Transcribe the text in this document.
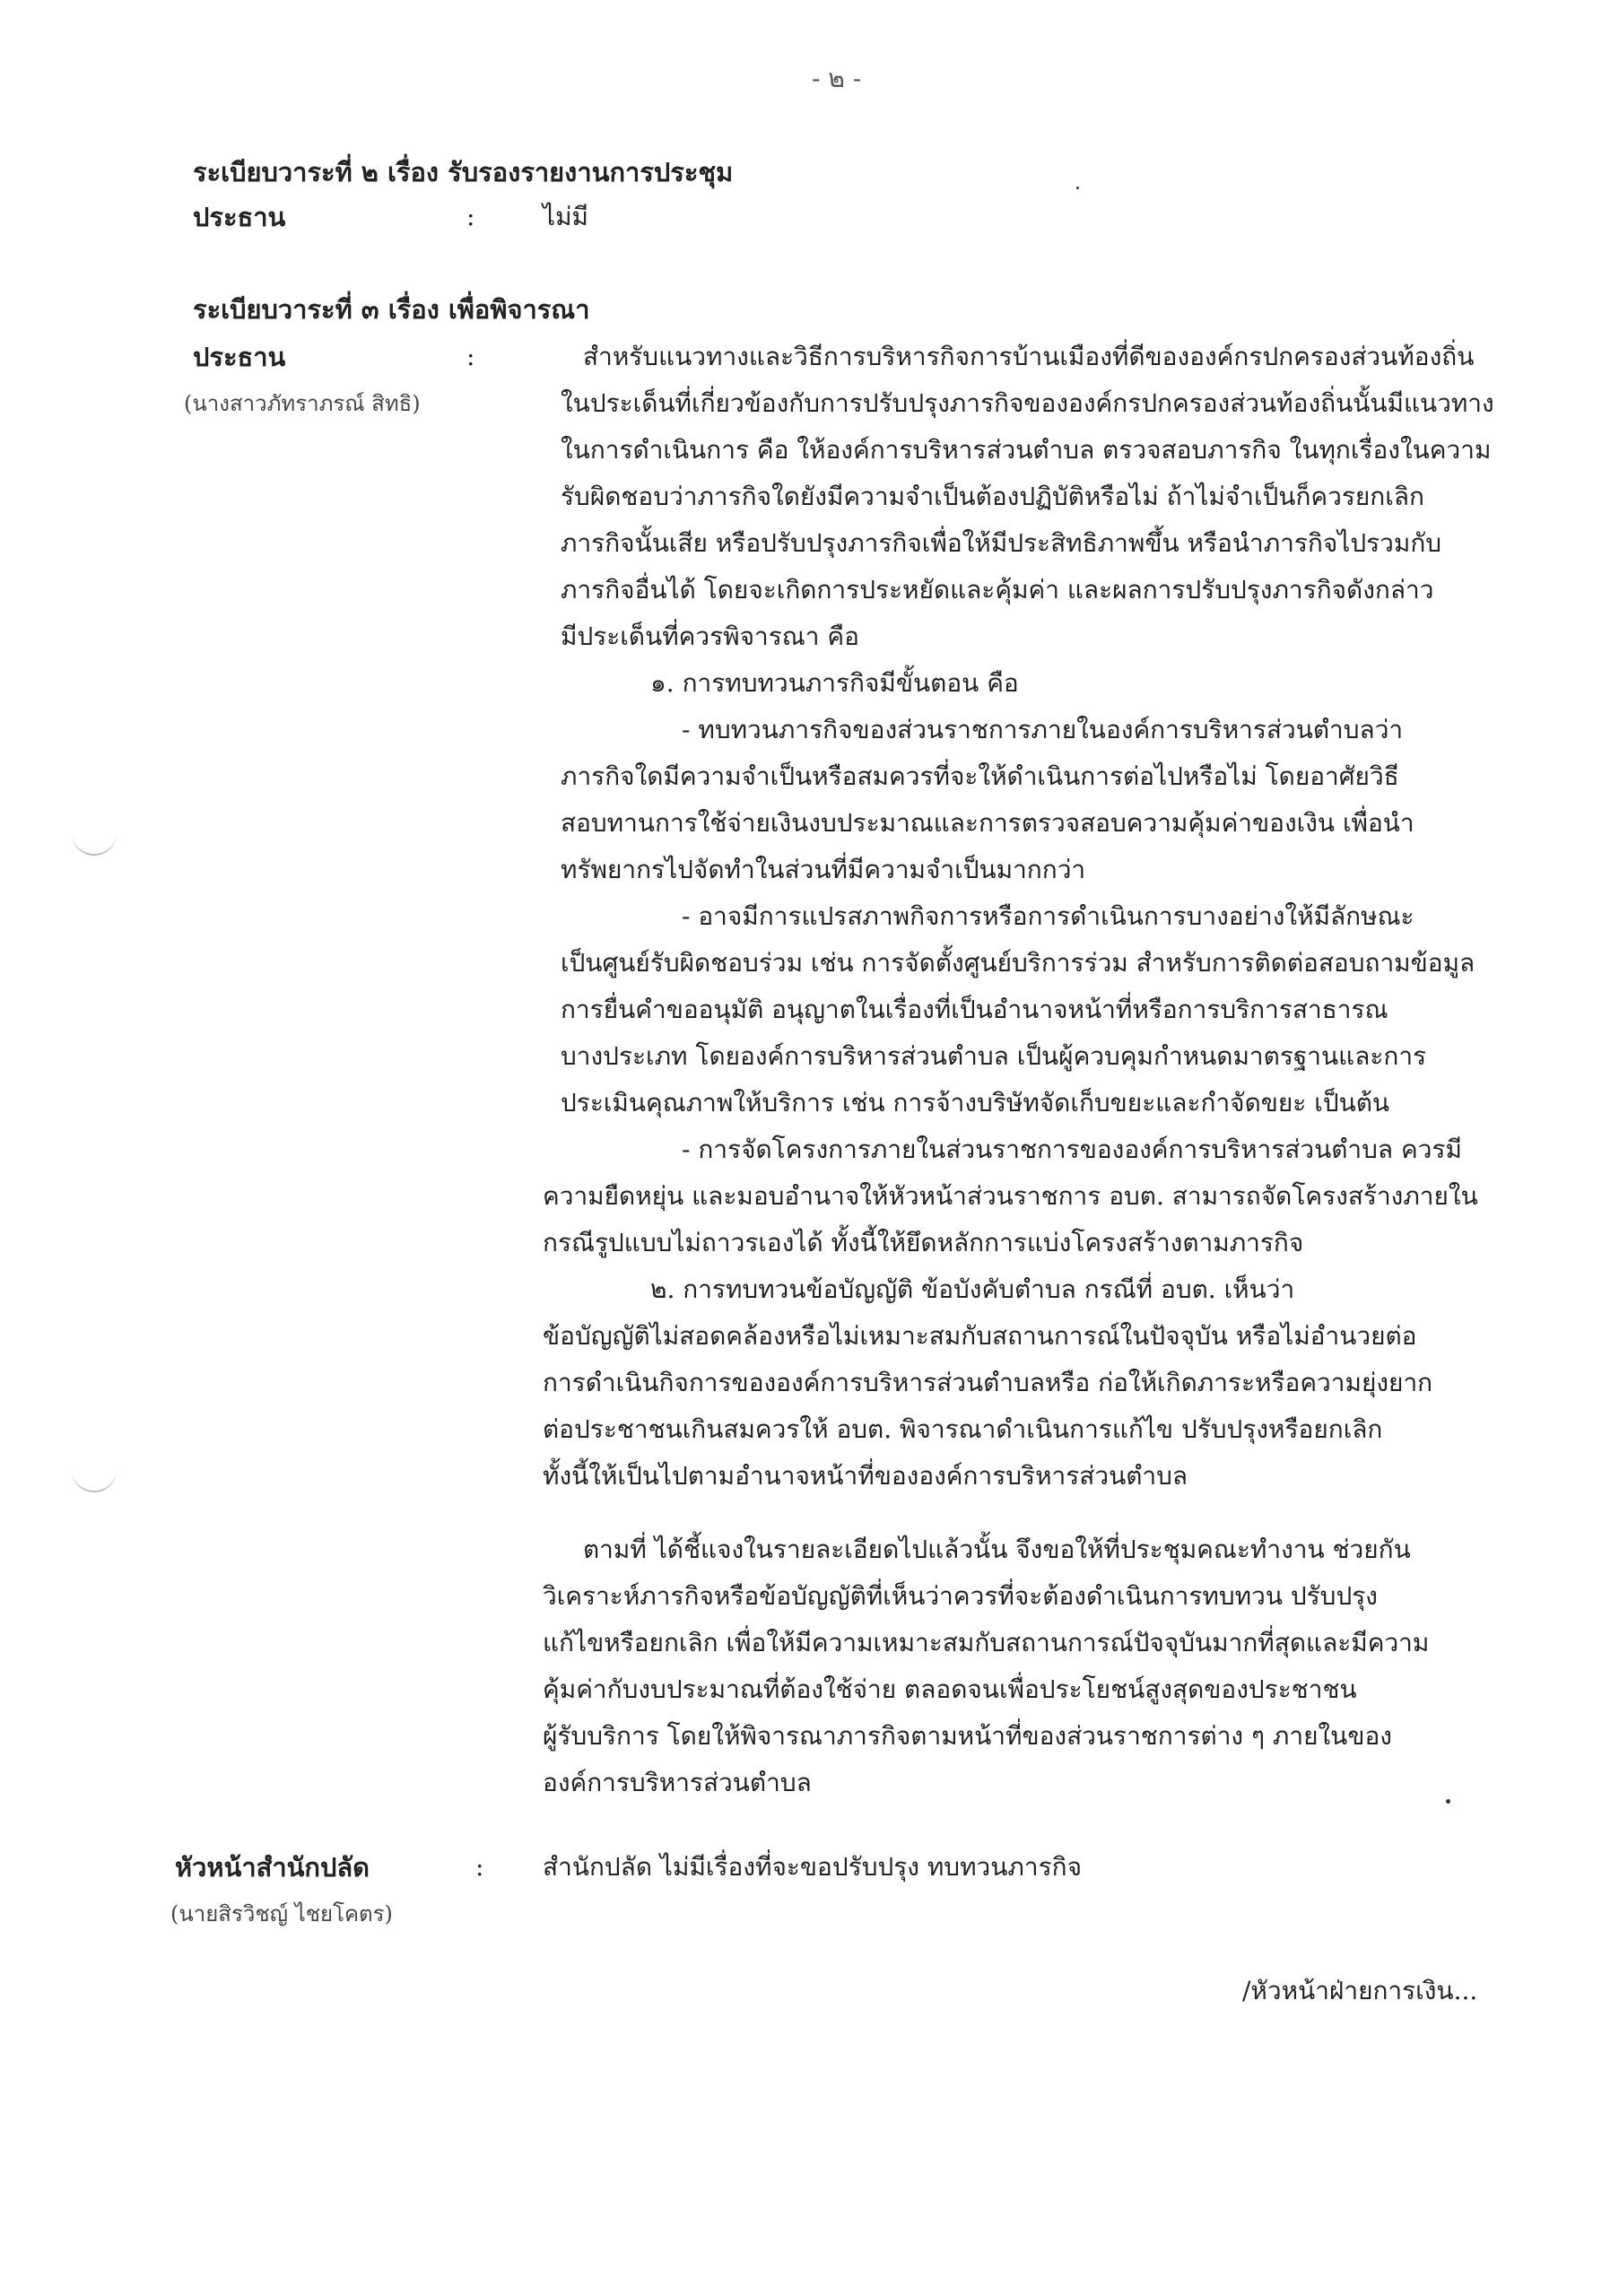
- ๒ -
ระเบียบวาระที่ ๒ เรื่อง รับรองรายงานการประชุม
ประธาน	:	ไม่มี
ระเบียบวาระที่ ๓ เรื่อง เพื่อพิจารณา
ประธาน
(นางสาวภัทราภรณ์ สิทธิ)
:	สำหรับแนวทางและวิธีการบริหารกิจการบ้านเมืองที่ดีขององค์กรปกครองส่วนท้องถิ่น
ในประเด็นที่เกี่ยวข้องกับการปรับปรุงภารกิจขององค์กรปกครองส่วนท้องถิ่นนั้นมีแนวทาง
ในการดำเนินการ คือ ให้องค์การบริหารส่วนตำบล ตรวจสอบภารกิจ ในทุกเรื่องในความ
รับผิดชอบว่าภารกิจใดยังมีความจำเป็นต้องปฏิบัติหรือไม่ ถ้าไม่จำเป็นก็ควรยกเลิก
ภารกิจนั้นเสีย หรือปรับปรุงภารกิจเพื่อให้มีประสิทธิภาพขึ้น หรือนำภารกิจไปรวมกับ
ภารกิจอื่นได้ โดยจะเกิดการประหยัดและคุ้มค่า และผลการปรับปรุงภารกิจดังกล่าว
มีประเด็นที่ควรพิจารณา คือ
๑. การทบทวนภารกิจมีขั้นตอน คือ
- ทบทวนภารกิจของส่วนราชการภายในองค์การบริหารส่วนตำบลว่า
ภารกิจใดมีความจำเป็นหรือสมควรที่จะให้ดำเนินการต่อไปหรือไม่ โดยอาศัยวิธี
สอบทานการใช้จ่ายเงินงบประมาณและการตรวจสอบความคุ้มค่าของเงิน เพื่อนำ
ทรัพยากรไปจัดทำในส่วนที่มีความจำเป็นมากกว่า
- อาจมีการแปรสภาพกิจการหรือการดำเนินการบางอย่างให้มีลักษณะ
เป็นศูนย์รับผิดชอบร่วม เช่น การจัดตั้งศูนย์บริการร่วม สำหรับการติดต่อสอบถามข้อมูล
การยื่นคำขออนุมัติ อนุญาตในเรื่องที่เป็นอำนาจหน้าที่หรือการบริการสาธารณ
บางประเภท โดยองค์การบริหารส่วนตำบล เป็นผู้ควบคุมกำหนดมาตรฐานและการ
ประเมินคุณภาพให้บริการ เช่น การจ้างบริษัทจัดเก็บขยะและกำจัดขยะ เป็นต้น
- การจัดโครงการภายในส่วนราชการขององค์การบริหารส่วนตำบล ควรมี
ความยืดหยุ่น และมอบอำนาจให้หัวหน้าส่วนราชการ อบต. สามารถจัดโครงสร้างภายใน
กรณีรูปแบบไม่ถาวรเองได้ ทั้งนี้ให้ยึดหลักการแบ่งโครงสร้างตามภารกิจ
๒. การทบทวนข้อบัญญัติ ข้อบังคับตำบล กรณีที่ อบต. เห็นว่า
ข้อบัญญัติไม่สอดคล้องหรือไม่เหมาะสมกับสถานการณ์ในปัจจุบัน หรือไม่อำนวยต่อ
การดำเนินกิจการขององค์การบริหารส่วนตำบลหรือ ก่อให้เกิดภาระหรือความยุ่งยาก
ต่อประชาชนเกินสมควรให้ อบต. พิจารณาดำเนินการแก้ไข ปรับปรุงหรือยกเลิก
ทั้งนี้ให้เป็นไปตามอำนาจหน้าที่ขององค์การบริหารส่วนตำบล
ตามที่ ได้ชี้แจงในรายละเอียดไปแล้วนั้น จึงขอให้ที่ประชุมคณะทำงาน ช่วยกัน
วิเคราะห์ภารกิจหรือข้อบัญญัติที่เห็นว่าควรที่จะต้องดำเนินการทบทวน ปรับปรุง
แก้ไขหรือยกเลิก เพื่อให้มีความเหมาะสมกับสถานการณ์ปัจจุบันมากที่สุดและมีความ
คุ้มค่ากับงบประมาณที่ต้องใช้จ่าย ตลอดจนเพื่อประโยชน์สูงสุดของประชาชน
ผู้รับบริการ โดยให้พิจารณาภารกิจตามหน้าที่ของส่วนราชการต่าง ๆ ภายในของ
องค์การบริหารส่วนตำบล
หัวหน้าสำนักปลัด
(นายสิรวิชญ์ ไชยโคตร)
: สำนักปลัด ไม่มีเรื่องที่จะขอปรับปรุง ทบทวนภารกิจ
/หัวหน้าฝ่ายการเงิน...
